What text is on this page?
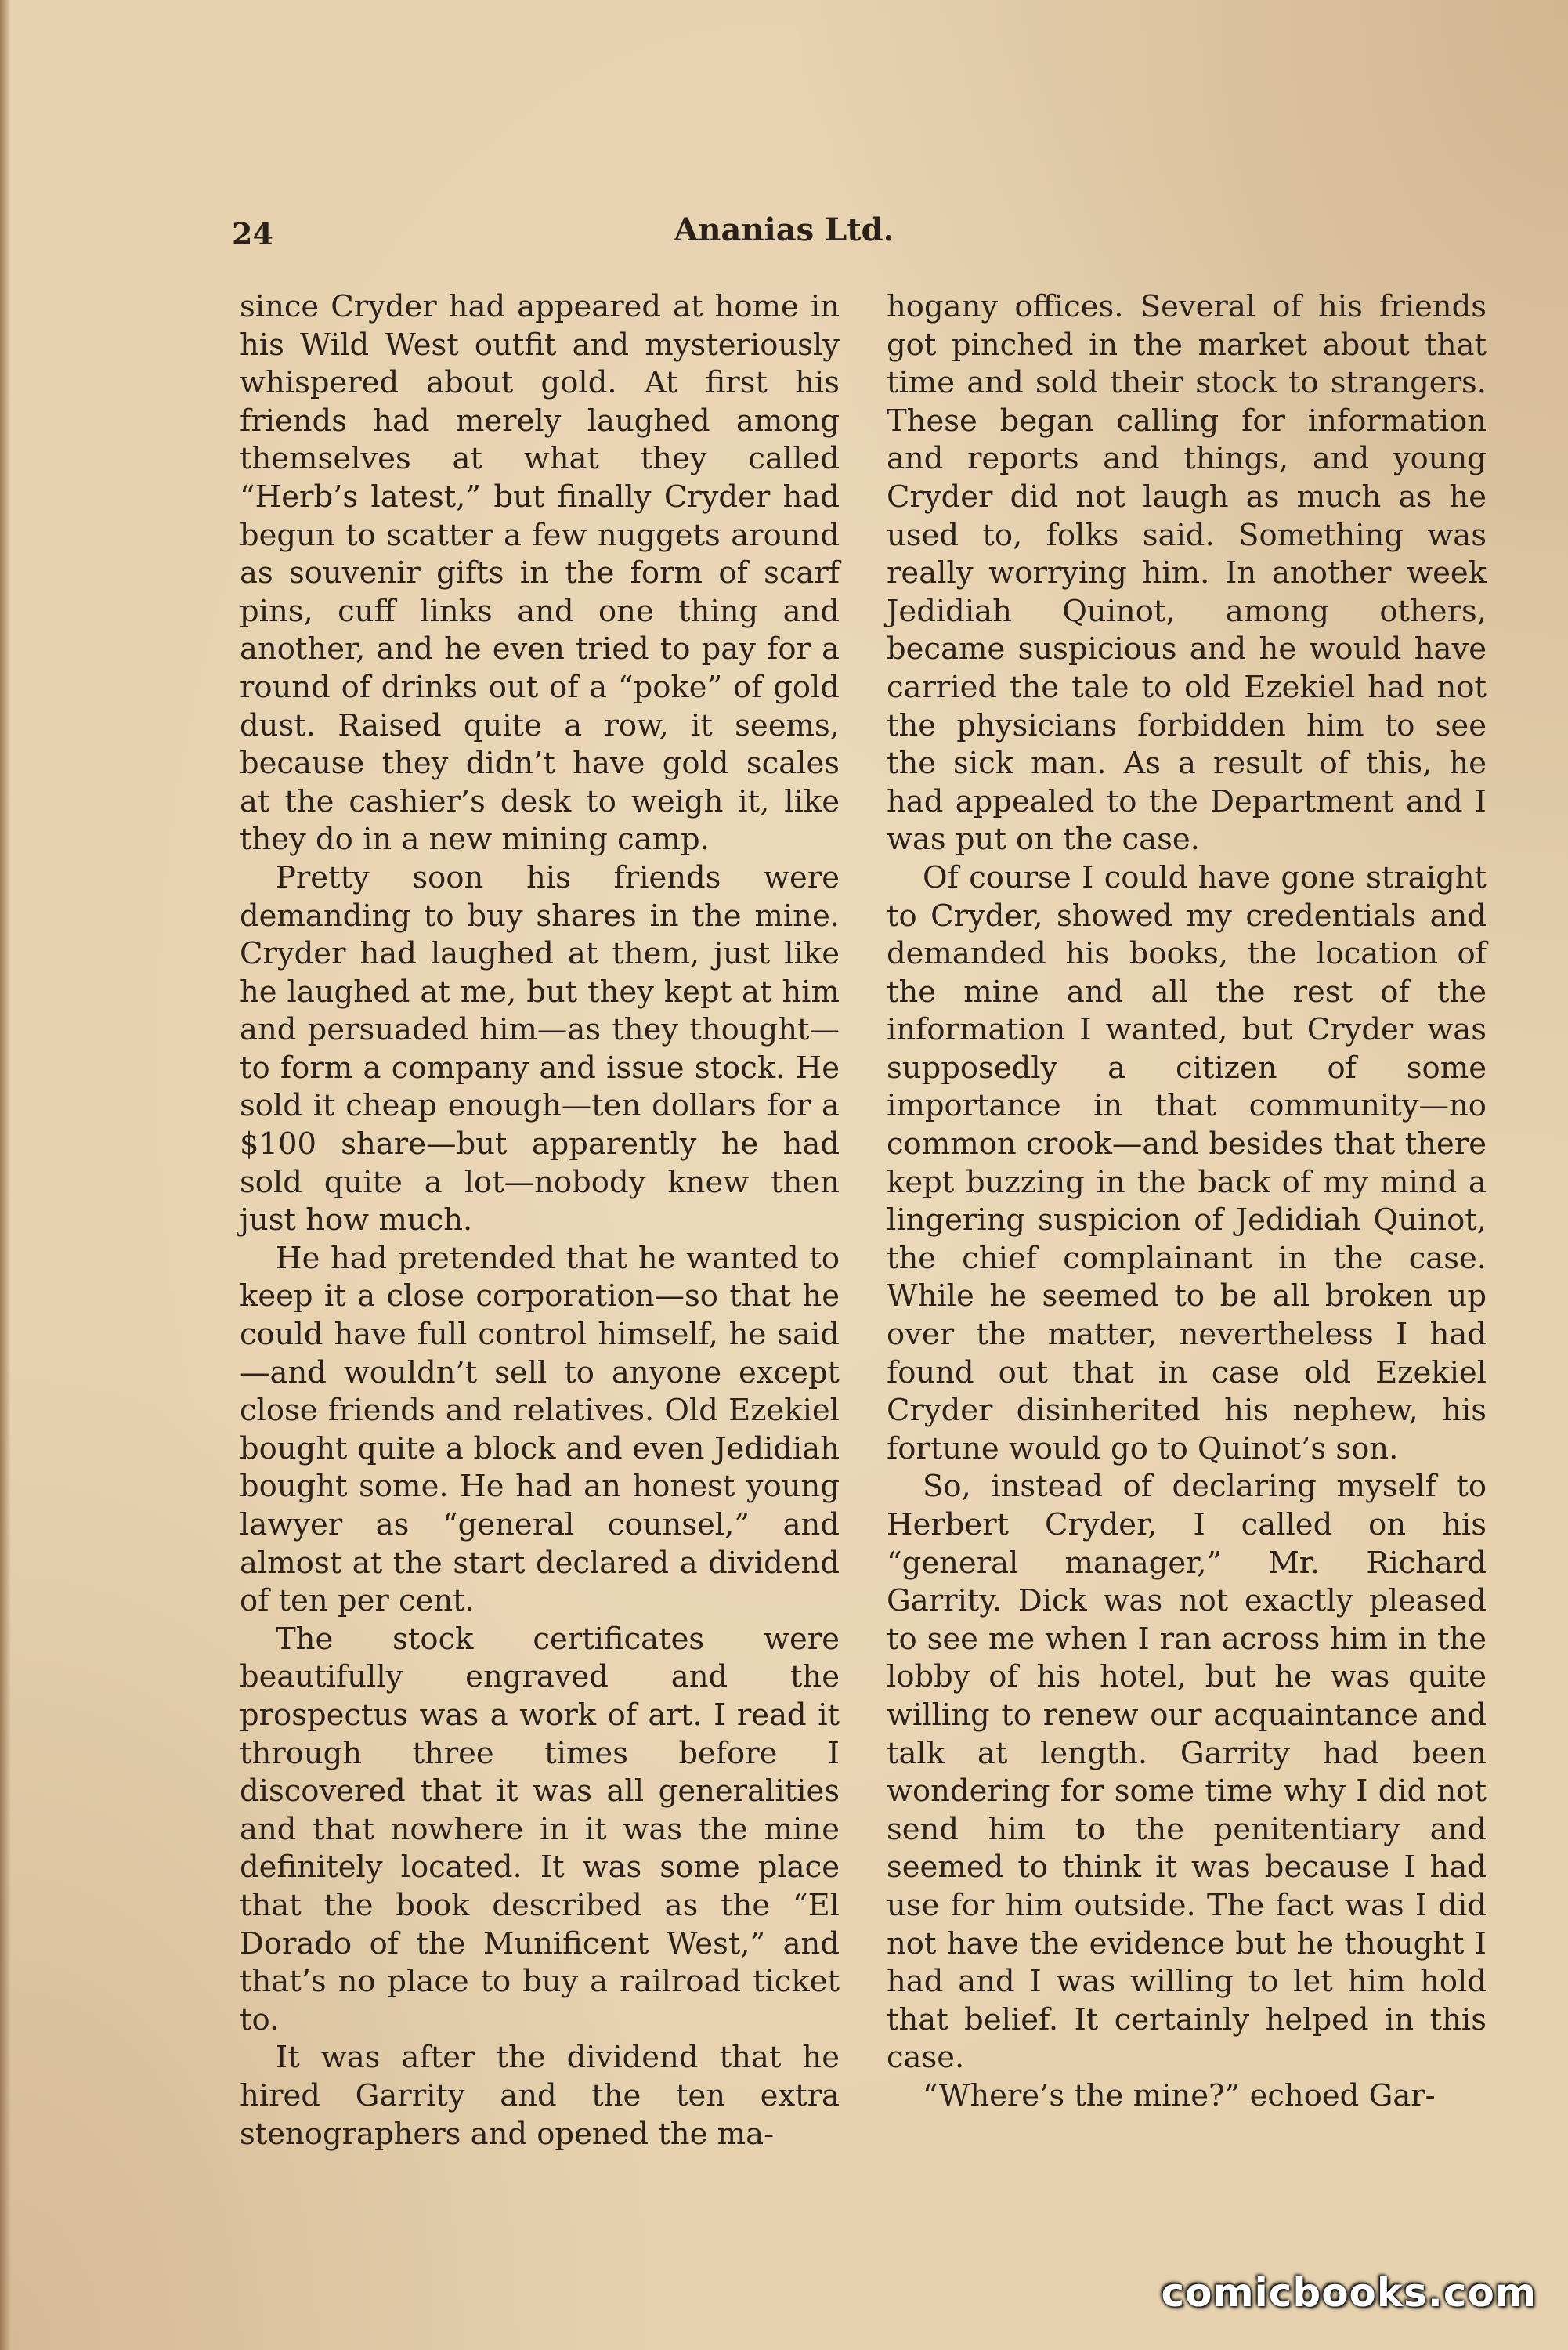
24	Ananias Ltd.

since Cryder had appeared at home in his Wild West outfit and mysteriously whispered about gold. At first his friends had merely laughed among themselves at what they called “Herb’s latest,” but finally Cryder had begun to scatter a few nuggets around as souvenir gifts in the form of scarf pins, cuff links and one thing and another, and he even tried to pay for a round of drinks out of a “poke” of gold dust. Raised quite a row, it seems, because they didn’t have gold scales at the cashier’s desk to weigh it, like they do in a new mining camp.

Pretty soon his friends were demanding to buy shares in the mine. Cryder had laughed at them, just like he laughed at me, but they kept at him and persuaded him—as they thought—to form a company and issue stock. He sold it cheap enough—ten dollars for a $100 share—but apparently he had sold quite a lot—nobody knew then just how much.

He had pretended that he wanted to keep it a close corporation—so that he could have full control himself, he said—and wouldn’t sell to anyone except close friends and relatives. Old Ezekiel bought quite a block and even Jedidiah bought some. He had an honest young lawyer as “general counsel,” and almost at the start declared a dividend of ten per cent.

The stock certificates were beautifully engraved and the prospectus was a work of art. I read it through three times before I discovered that it was all generalities and that nowhere in it was the mine definitely located. It was some place that the book described as the “El Dorado of the Munificent West,” and that’s no place to buy a railroad ticket to.

It was after the dividend that he hired Garrity and the ten extra stenographers and opened the ma-

hogany offices. Several of his friends got pinched in the market about that time and sold their stock to strangers. These began calling for information and reports and things, and young Cryder did not laugh as much as he used to, folks said. Something was really worrying him. In another week Jedidiah Quinot, among others, became suspicious and he would have carried the tale to old Ezekiel had not the physicians forbidden him to see the sick man. As a result of this, he had appealed to the Department and I was put on the case.

Of course I could have gone straight to Cryder, showed my credentials and demanded his books, the location of the mine and all the rest of the information I wanted, but Cryder was supposedly a citizen of some importance in that community—no common crook—and besides that there kept buzzing in the back of my mind a lingering suspicion of Jedidiah Quinot, the chief complainant in the case. While he seemed to be all broken up over the matter, nevertheless I had found out that in case old Ezekiel Cryder disinherited his nephew, his fortune would go to Quinot’s son.

So, instead of declaring myself to Herbert Cryder, I called on his “general manager,” Mr. Richard Garrity. Dick was not exactly pleased to see me when I ran across him in the lobby of his hotel, but he was quite willing to renew our acquaintance and talk at length. Garrity had been wondering for some time why I did not send him to the penitentiary and seemed to think it was because I had use for him outside. The fact was I did not have the evidence but he thought I had and I was willing to let him hold that belief. It certainly helped in this case.

“Where’s the mine?” echoed Gar-

comicbooks.com
